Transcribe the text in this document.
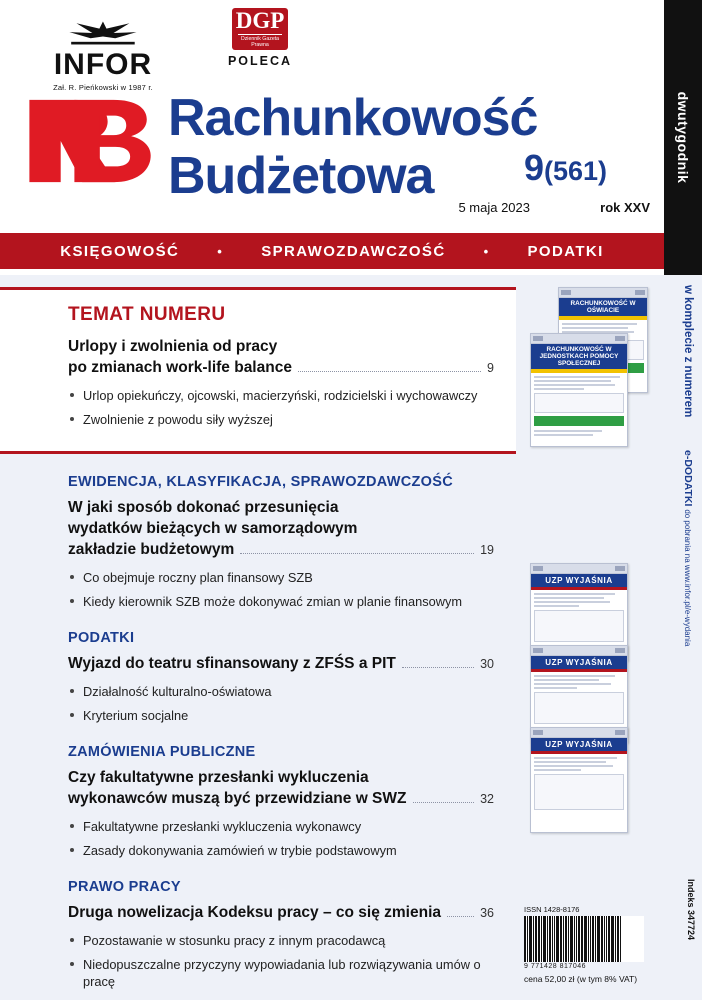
INFOR
Zał. R. Pieńkowski w 1987 r.
DGP
Dziennik Gazeta Prawna
POLECA
Rachunkowość
Budżetowa	9(561)
5 maja 2023	rok XXV
KSIĘGOWOŚĆ	•	SPRAWOZDAWCZOŚĆ	•	PODATKI
dwutygodnik
TEMAT NUMERU
Urlopy i zwolnienia od pracy
po zmianach work-life balance	9
Urlop opiekuńczy, ojcowski, macierzyński, rodzicielski i wychowawczy
Zwolnienie z powodu siły wyższej
EWIDENCJA, KLASYFIKACJA, SPRAWOZDAWCZOŚĆ
W jaki sposób dokonać przesunięcia
wydatków bieżących w samorządowym
zakładzie budżetowym	19
Co obejmuje roczny plan finansowy SZB
Kiedy kierownik SZB może dokonywać zmian w planie finansowym
PODATKI
Wyjazd do teatru sfinansowany z ZFŚS a PIT	30
Działalność kulturalno-oświatowa
Kryterium socjalne
ZAMÓWIENIA PUBLICZNE
Czy fakultatywne przesłanki wykluczenia
wykonawców muszą być przewidziane w SWZ	32
Fakultatywne przesłanki wykluczenia wykonawcy
Zasady dokonywania zamówień w trybie podstawowym
PRAWO PRACY
Druga nowelizacja Kodeksu pracy – co się zmienia	36
Pozostawanie w stosunku pracy z innym pracodawcą
Niedopuszczalne przyczyny wypowiadania lub rozwiązywania umów o pracę
RACHUNKOWOŚĆ W OŚWIACIE
RACHUNKOWOŚĆ W JEDNOSTKACH POMOCY SPOŁECZNEJ
UZP WYJAŚNIA
UZP WYJAŚNIA
UZP WYJAŚNIA
w komplecie z numerem
e-DODATKI do pobrania na www.infor.pl/e-wydania
ISSN 1428-8176
9 771428 817046
cena 52,00 zł (w tym 8% VAT)
Indeks 347724
